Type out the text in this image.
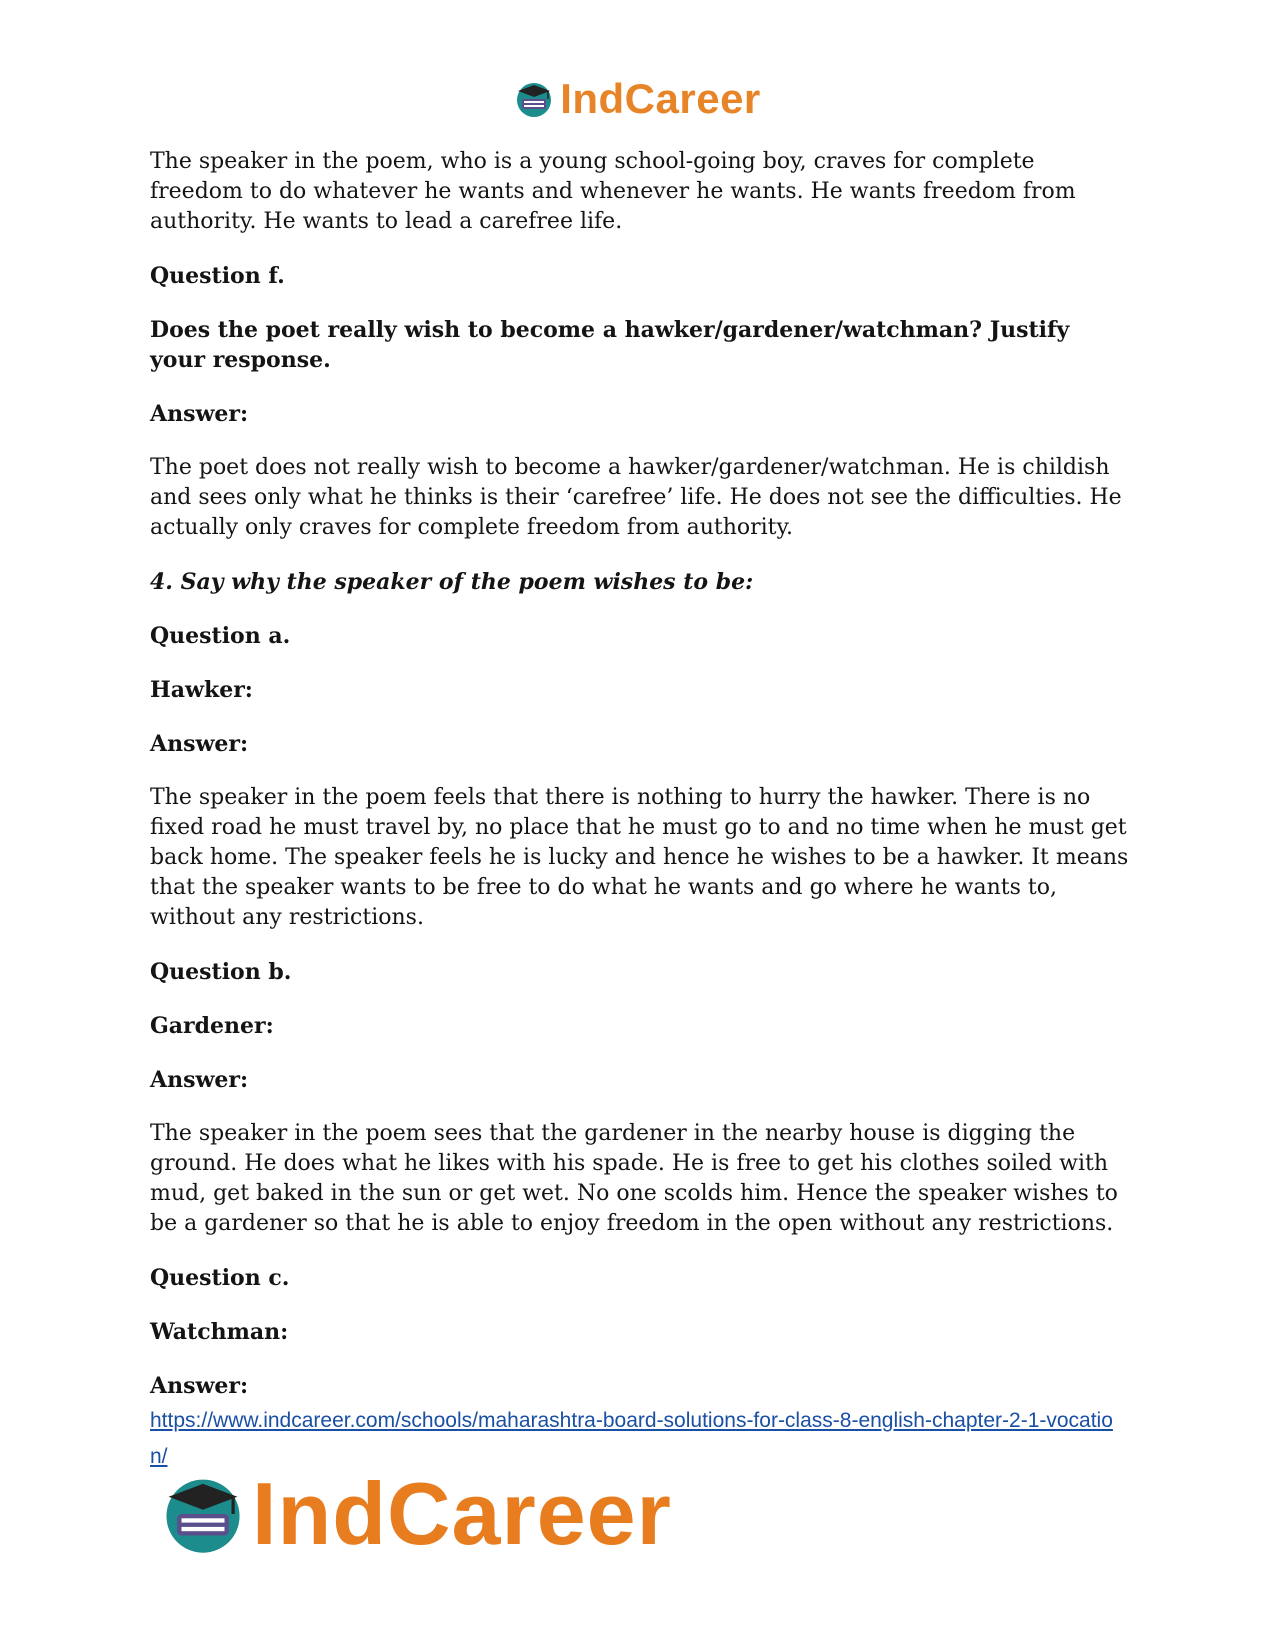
IndCareer

The speaker in the poem, who is a young school-going boy, craves for complete freedom to do whatever he wants and whenever he wants. He wants freedom from authority. He wants to lead a carefree life.

Question f.

Does the poet really wish to become a hawker/gardener/watchman? Justify your response.

Answer:

The poet does not really wish to become a hawker/gardener/watchman. He is childish and sees only what he thinks is their ‘carefree’ life. He does not see the difficulties. He actually only craves for complete freedom from authority.

4. Say why the speaker of the poem wishes to be:

Question a.

Hawker:

Answer:

The speaker in the poem feels that there is nothing to hurry the hawker. There is no fixed road he must travel by, no place that he must go to and no time when he must get back home. The speaker feels he is lucky and hence he wishes to be a hawker. It means that the speaker wants to be free to do what he wants and go where he wants to, without any restrictions.

Question b.

Gardener:

Answer:

The speaker in the poem sees that the gardener in the nearby house is digging the ground. He does what he likes with his spade. He is free to get his clothes soiled with mud, get baked in the sun or get wet. No one scolds him. Hence the speaker wishes to be a gardener so that he is able to enjoy freedom in the open without any restrictions.

Question c.

Watchman:

Answer:

https://www.indcareer.com/schools/maharashtra-board-solutions-for-class-8-english-chapter-2-1-vocation/
IndCareer
